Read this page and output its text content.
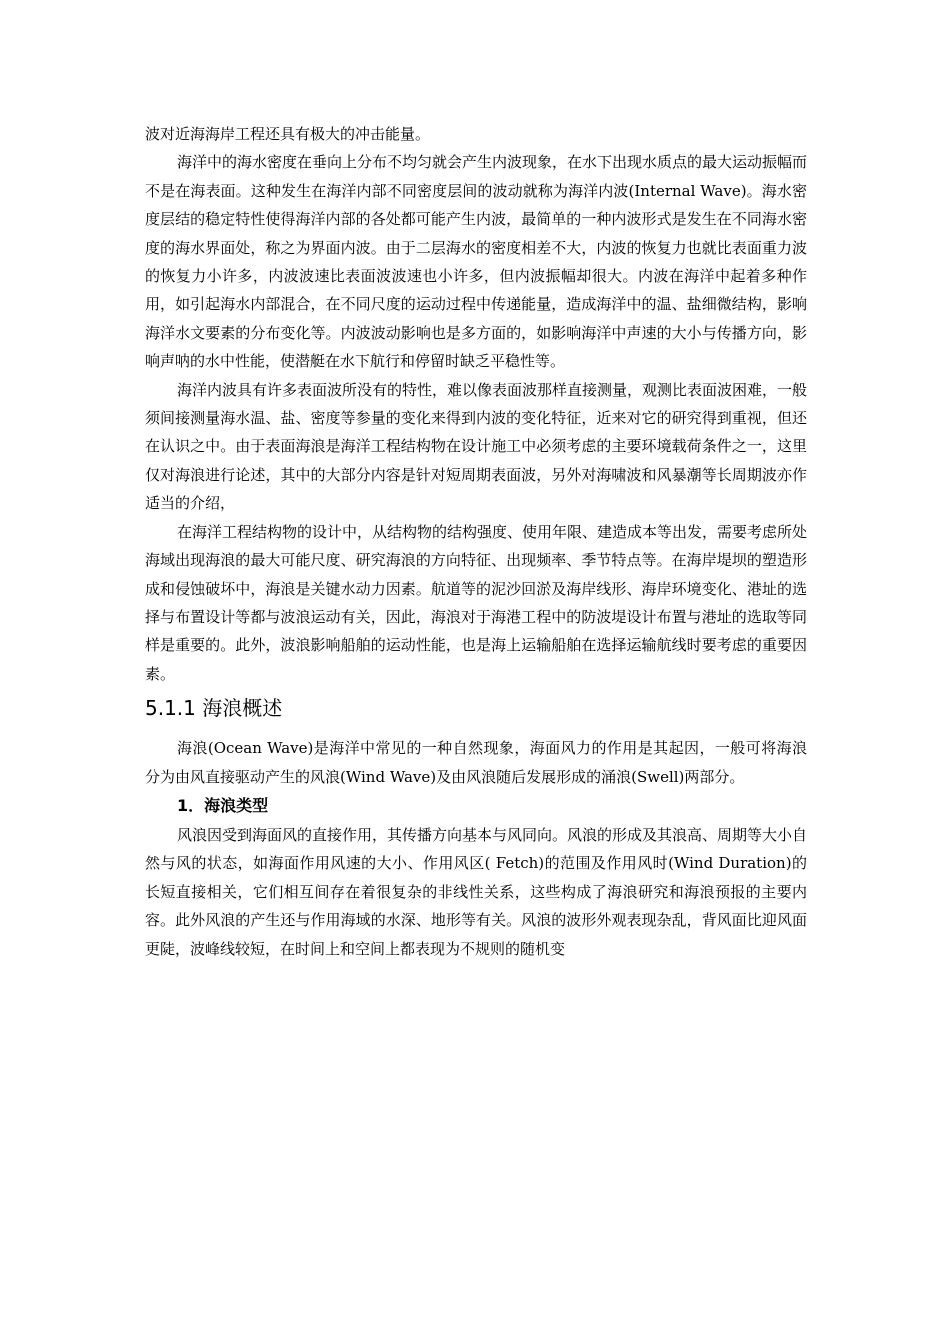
波对近海海岸工程还具有极大的冲击能量。

海洋中的海水密度在垂向上分布不均匀就会产生内波现象，在水下出现水质点的最大运动振幅而不是在海表面。这种发生在海洋内部不同密度层间的波动就称为海洋内波(Internal Wave)。海水密度层结的稳定特性使得海洋内部的各处都可能产生内波，最简单的一种内波形式是发生在不同海水密度的海水界面处，称之为界面内波。由于二层海水的密度相差不大，内波的恢复力也就比表面重力波的恢复力小许多，内波波速比表面波波速也小许多，但内波振幅却很大。内波在海洋中起着多种作用，如引起海水内部混合，在不同尺度的运动过程中传递能量，造成海洋中的温、盐细微结构，影响海洋水文要素的分布变化等。内波波动影响也是多方面的，如影响海洋中声速的大小与传播方向，影响声呐的水中性能，使潜艇在水下航行和停留时缺乏平稳性等。

海洋内波具有许多表面波所没有的特性，难以像表面波那样直接测量，观测比表面波困难，一般须间接测量海水温、盐、密度等参量的变化来得到内波的变化特征，近来对它的研究得到重视，但还在认识之中。由于表面海浪是海洋工程结构物在设计施工中必须考虑的主要环境载荷条件之一，这里仅对海浪进行论述，其中的大部分内容是针对短周期表面波，另外对海啸波和风暴潮等长周期波亦作适当的介绍，

在海洋工程结构物的设计中，从结构物的结构强度、使用年限、建造成本等出发，需要考虑所处海域出现海浪的最大可能尺度、研究海浪的方向特征、出现频率、季节特点等。在海岸堤坝的塑造形成和侵蚀破坏中，海浪是关键水动力因素。航道等的泥沙回淤及海岸线形、海岸环境变化、港址的选择与布置设计等都与波浪运动有关，因此，海浪对于海港工程中的防波堤设计布置与港址的选取等同样是重要的。此外，波浪影响船舶的运动性能，也是海上运输船舶在选择运输航线时要考虑的重要因素。

5.1.1 海浪概述

海浪(Ocean Wave)是海洋中常见的一种自然现象，海面风力的作用是其起因，一般可将海浪分为由风直接驱动产生的风浪(Wind Wave)及由风浪随后发展形成的涌浪(Swell)两部分。

1．海浪类型

风浪因受到海面风的直接作用，其传播方向基本与风同向。风浪的形成及其浪高、周期等大小自然与风的状态，如海面作用风速的大小、作用风区( Fetch)的范围及作用风时(Wind Duration)的长短直接相关，它们相互间存在着很复杂的非线性关系，这些构成了海浪研究和海浪预报的主要内容。此外风浪的产生还与作用海域的水深、地形等有关。风浪的波形外观表现杂乱，背风面比迎风面更陡，波峰线较短，在时间上和空间上都表现为不规则的随机变
